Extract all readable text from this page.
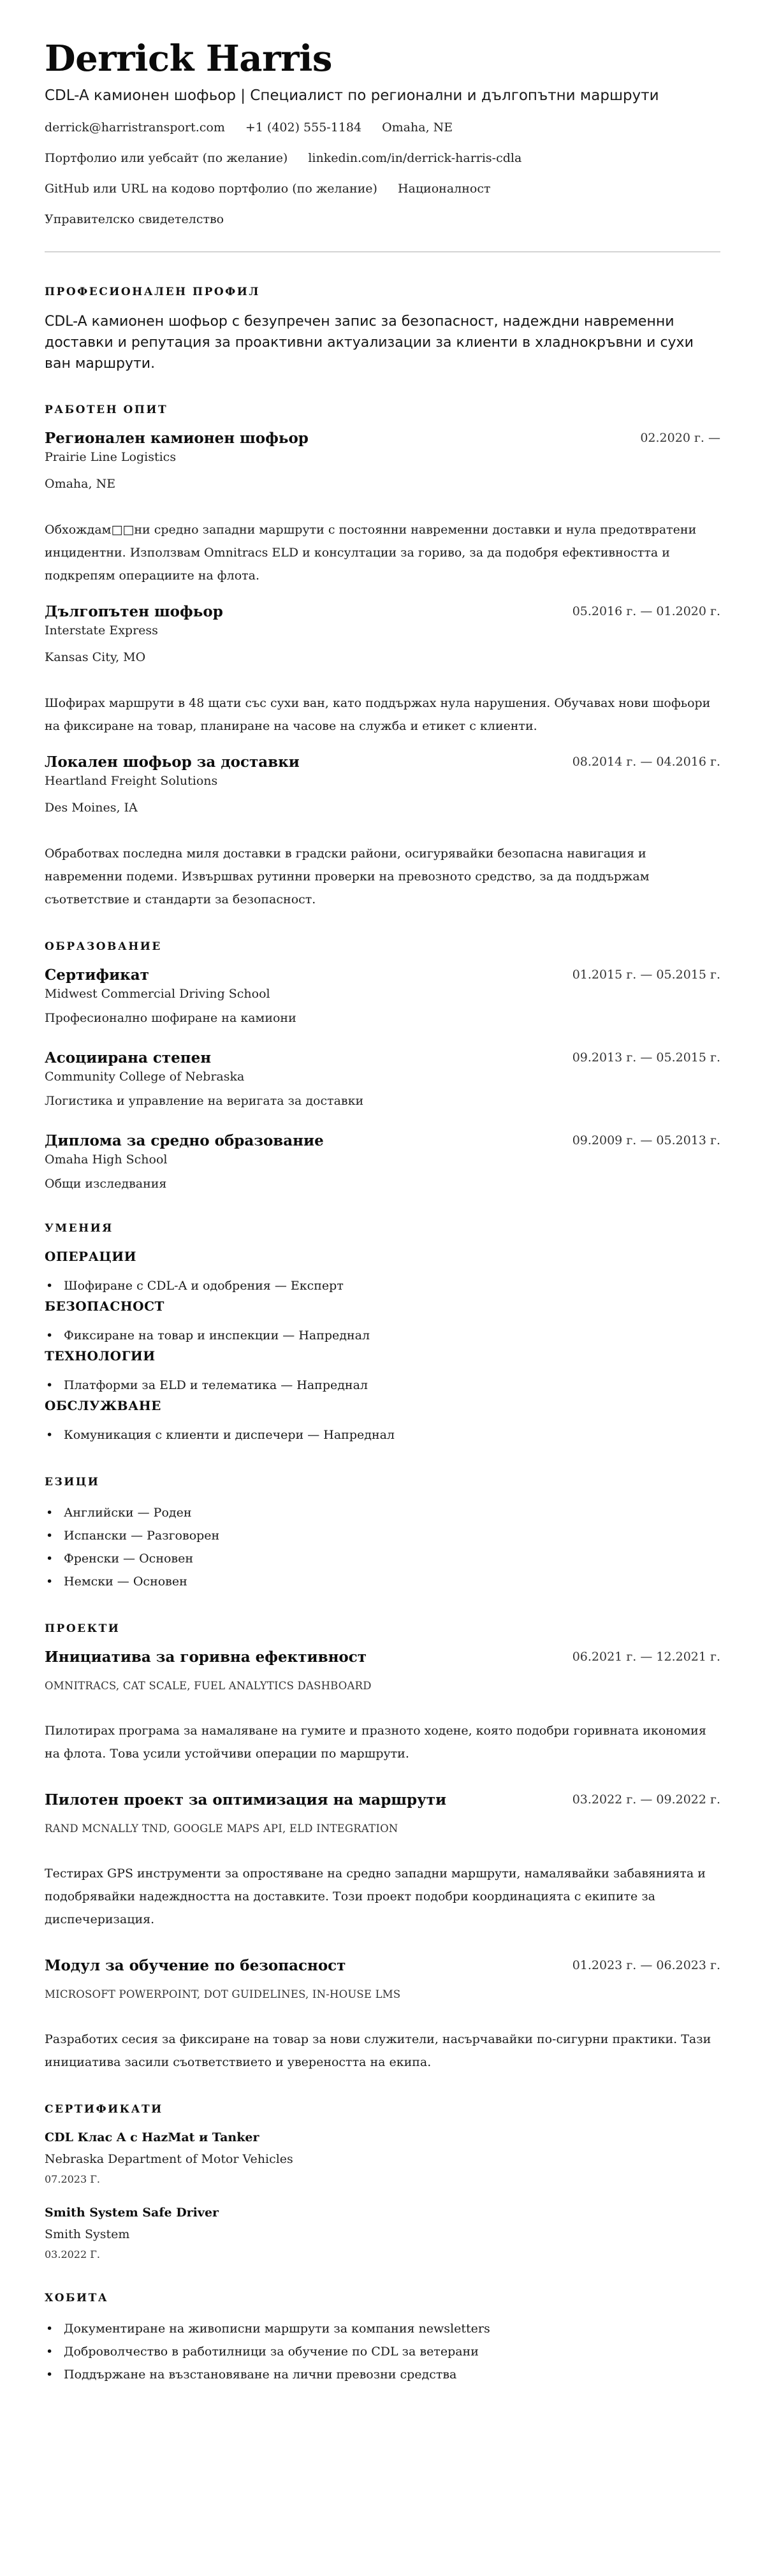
Derrick Harris
CDL-A камионен шофьор | Специалист по регионални и дългопътни маршрути
derrick@harristransport.com +1 (402) 555-1184 Omaha, NE
Портфолио или уебсайт (по желание) linkedin.com/in/derrick-harris-cdla
GitHub или URL на кодово портфолио (по желание) Националност
Управителско свидетелство
ПРОФЕСИОНАЛЕН ПРОФИЛ

CDL-A камионен шофьор с безупречен запис за безопасност, надеждни навременни доставки и репутация за проактивни актуализации за клиенти в хладнокръвни и сухи ван маршрути.

РАБОТЕН ОПИТ
Регионален камионен шофьор	02.2020 г. —
Prairie Line Logistics
Omaha, NE

Обхождам□□ни средно западни маршрути с постоянни навременни доставки и нула предотвратени инцидентни. Използвам Omnitracs ELD и консултации за гориво, за да подобря ефективността и подкрепям операциите на флота.

Дългопътен шофьор	05.2016 г. — 01.2020 г.
Interstate Express
Kansas City, MO

Шофирах маршрути в 48 щати със сухи ван, като поддържах нула нарушения. Обучавах нови шофьори на фиксиране на товар, планиране на часове на служба и етикет с клиенти.

Локален шофьор за доставки	08.2014 г. — 04.2016 г.
Heartland Freight Solutions
Des Moines, IA

Обработвах последна миля доставки в градски райони, осигурявайки безопасна навигация и навременни подеми. Извършвах рутинни проверки на превозното средство, за да поддържам съответствие и стандарти за безопасност.

ОБРАЗОВАНИЕ
Сертификат	01.2015 г. — 05.2015 г.
Midwest Commercial Driving School
Професионално шофиране на камиони
Асоциирана степен	09.2013 г. — 05.2015 г.
Community College of Nebraska
Логистика и управление на веригата за доставки
Диплома за средно образование	09.2009 г. — 05.2013 г.
Omaha High School
Общи изследвания
УМЕНИЯ
ОПЕРАЦИИ
• Шофиране с CDL-A и одобрения — Експерт
БЕЗОПАСНОСТ
• Фиксиране на товар и инспекции — Напреднал
ТЕХНОЛОГИИ
• Платформи за ELD и телематика — Напреднал
ОБСЛУЖВАНЕ
• Комуникация с клиенти и диспечери — Напреднал
ЕЗИЦИ
• Английски — Роден
• Испански — Разговорен
• Френски — Основен
• Немски — Основен
ПРОЕКТИ
Инициатива за горивна ефективност	06.2021 г. — 12.2021 г.
OMNITRACS, CAT SCALE, FUEL ANALYTICS DASHBOARD

Пилотирах програма за намаляване на гумите и празното ходене, която подобри горивната икономия на флота. Това усили устойчиви операции по маршрути.

Пилотен проект за оптимизация на маршрути	03.2022 г. — 09.2022 г.
RAND MCNALLY TND, GOOGLE MAPS API, ELD INTEGRATION

Тестирах GPS инструменти за опростяване на средно западни маршрути, намалявайки забавянията и подобрявайки надеждността на доставките. Този проект подобри координацията с екипите за диспечеризация.

Модул за обучение по безопасност	01.2023 г. — 06.2023 г.
MICROSOFT POWERPOINT, DOT GUIDELINES, IN-HOUSE LMS

Разработих сесия за фиксиране на товар за нови служители, насърчавайки по-сигурни практики. Тази инициатива засили съответствието и увереността на екипа.

СЕРТИФИКАТИ
CDL Клас A с HazMat и Tanker
Nebraska Department of Motor Vehicles
07.2023 Г.
Smith System Safe Driver
Smith System
03.2022 Г.
ХОБИТА
• Документиране на живописни маршрути за компания newsletters
• Доброволчество в работилници за обучение по CDL за ветерани
• Поддържане на възстановяване на лични превозни средства
